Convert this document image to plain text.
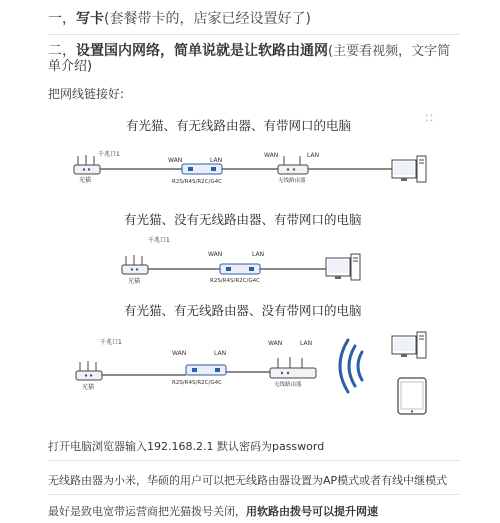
一，写卡(套餐带卡的，店家已经设置好了)
二，设置国内网络，简单说就是让软路由通网(主要看视频，文字简
单介绍)
把网线链接好:
有光猫、有无线路由器、有带网口的电脑
光猫
千兆口1
WAN	LAN
R2S/R4S/R2C/G4C
WAN	LAN
无线路由器
有光猫、没有无线路由器、有带网口的电脑
光猫
千兆口1
WAN	LAN
R2S/R4S/R2C/G4C
有光猫、有无线路由器、没有带网口的电脑
光猫
千兆口1
WAN	LAN
R2S/R4S/R2C/G4C
WAN	LAN
无线路由器
⛶
打开电脑浏览器输入192.168.2.1 默认密码为password
无线路由器为小米，华硕的用户可以把无线路由器设置为AP模式或者有线中继模式
最好是致电宽带运营商把光猫拨号关闭，用软路由拨号可以提升网速
